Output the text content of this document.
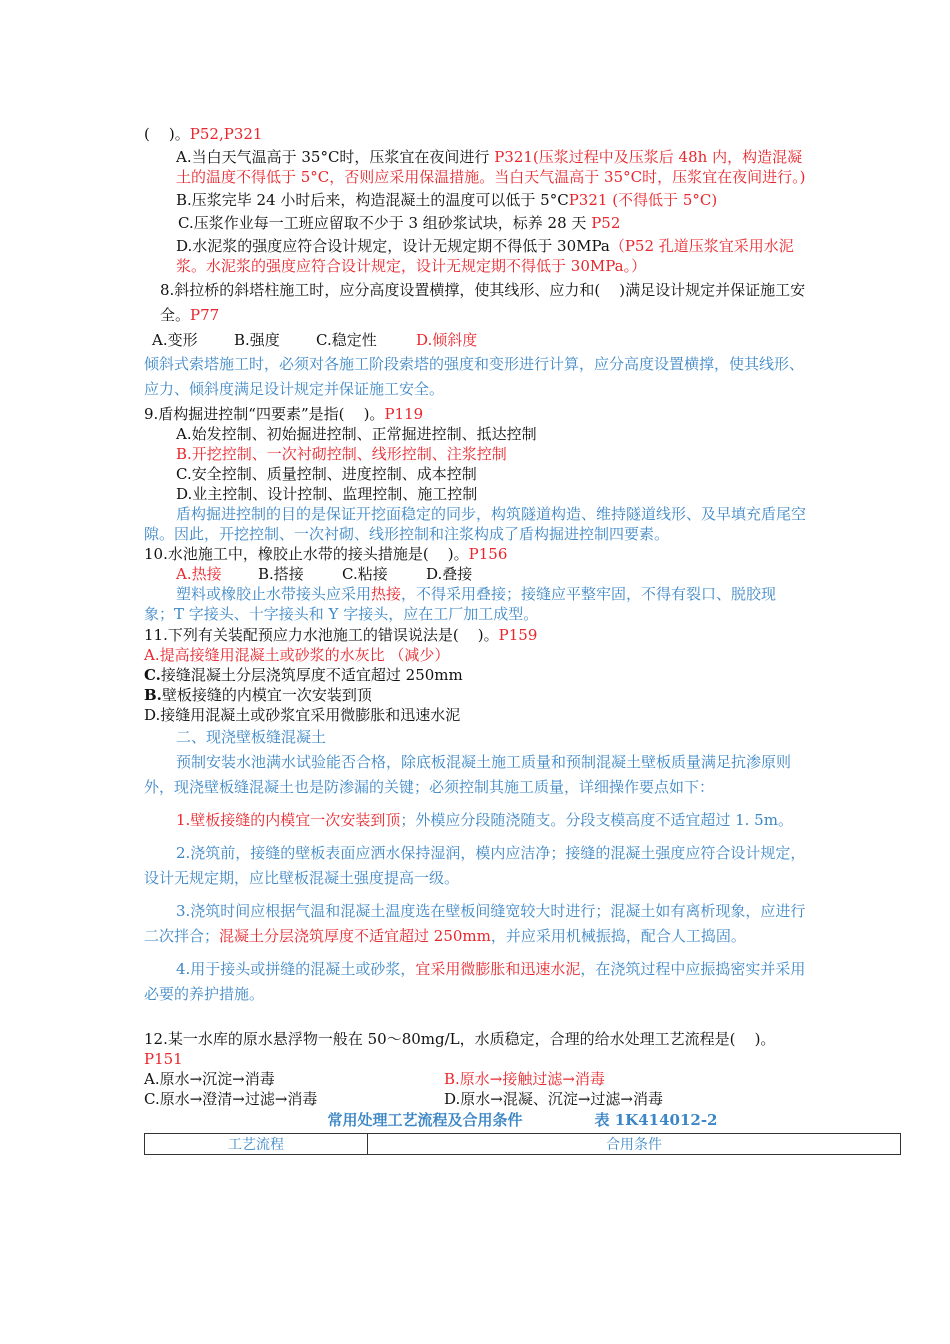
(    )。P52,P321
A.当白天气温高于 35°C时，压浆宜在夜间进行 P321(压浆过程中及压浆后 48h 内，构造混凝土的温度不得低于 5°C，否则应采用保温措施。当白天气温高于 35°C时，压浆宜在夜间进行。)
B.压浆完毕 24 小时后来，构造混凝土的温度可以低于 5°CP321 (不得低于 5°C)
C.压浆作业每一工班应留取不少于 3 组砂浆试块，标养 28 天 P52
D.水泥浆的强度应符合设计规定，设计无规定期不得低于 30MPa（P52 孔道压浆宜采用水泥浆。水泥浆的强度应符合设计规定，设计无规定期不得低于 30MPa。）
8.斜拉桥的斜塔柱施工时，应分高度设置横撑，使其线形、应力和(    )满足设计规定并保证施工安全。P77
A.变形	B.强度	C.稳定性	D.倾斜度
倾斜式索塔施工时，必须对各施工阶段索塔的强度和变形进行计算，应分高度设置横撑，使其线形、应力、倾斜度满足设计规定并保证施工安全。
9.盾构掘进控制“四要素”是指(    )。P119
A.始发控制、初始掘进控制、正常掘进控制、抵达控制
B.开挖控制、一次衬砌控制、线形控制、注浆控制
C.安全控制、质量控制、进度控制、成本控制
D.业主控制、设计控制、监理控制、施工控制
盾构掘进控制的目的是保证开挖面稳定的同步，构筑隧道构造、维持隧道线形、及早填充盾尾空隙。因此，开挖控制、一次衬砌、线形控制和注浆构成了盾构掘进控制四要素。
10.水池施工中，橡胶止水带的接头措施是(    )。P156
A.热接	B.搭接	C.粘接	D.叠接
塑料或橡胶止水带接头应采用热接，不得采用叠接；接缝应平整牢固，不得有裂口、脱胶现象；T 字接头、十字接头和 Y 字接头，应在工厂加工成型。
11.下列有关装配预应力水池施工的错误说法是(    )。P159
A.提高接缝用混凝土或砂浆的水灰比 （减少）
C.接缝混凝土分层浇筑厚度不适宜超过 250mm
B.壁板接缝的内模宜一次安装到顶
D.接缝用混凝土或砂浆宜采用微膨胀和迅速水泥
二、现浇壁板缝混凝土
预制安装水池满水试验能否合格，除底板混凝土施工质量和预制混凝土壁板质量满足抗渗原则外，现浇壁板缝混凝土也是防渗漏的关键；必须控制其施工质量，详细操作要点如下：
1.壁板接缝的内模宜一次安装到顶；外模应分段随浇随支。分段支模高度不适宜超过 1. 5m。
2.浇筑前，接缝的壁板表面应洒水保持湿润，模内应洁净；接缝的混凝土强度应符合设计规定，设计无规定期，应比壁板混凝土强度提高一级。
3.浇筑时间应根据气温和混凝土温度选在壁板间缝宽较大时进行；混凝土如有离析现象，应进行二次拌合；混凝土分层浇筑厚度不适宜超过 250mm，并应采用机械振捣，配合人工捣固。
4.用于接头或拼缝的混凝土或砂浆，宜采用微膨胀和迅速水泥，在浇筑过程中应振捣密实并采用必要的养护措施。
12.某一水库的原水悬浮物一般在 50～80mg/L，水质稳定，合理的给水处理工艺流程是(    )。P151
A.原水→沉淀→消毒	B.原水→接触过滤→消毒
C.原水→澄清→过滤→消毒	D.原水→混凝、沉淀→过滤→消毒
常用处理工艺流程及合用条件	表 1K414012-2
工艺流程	合用条件
